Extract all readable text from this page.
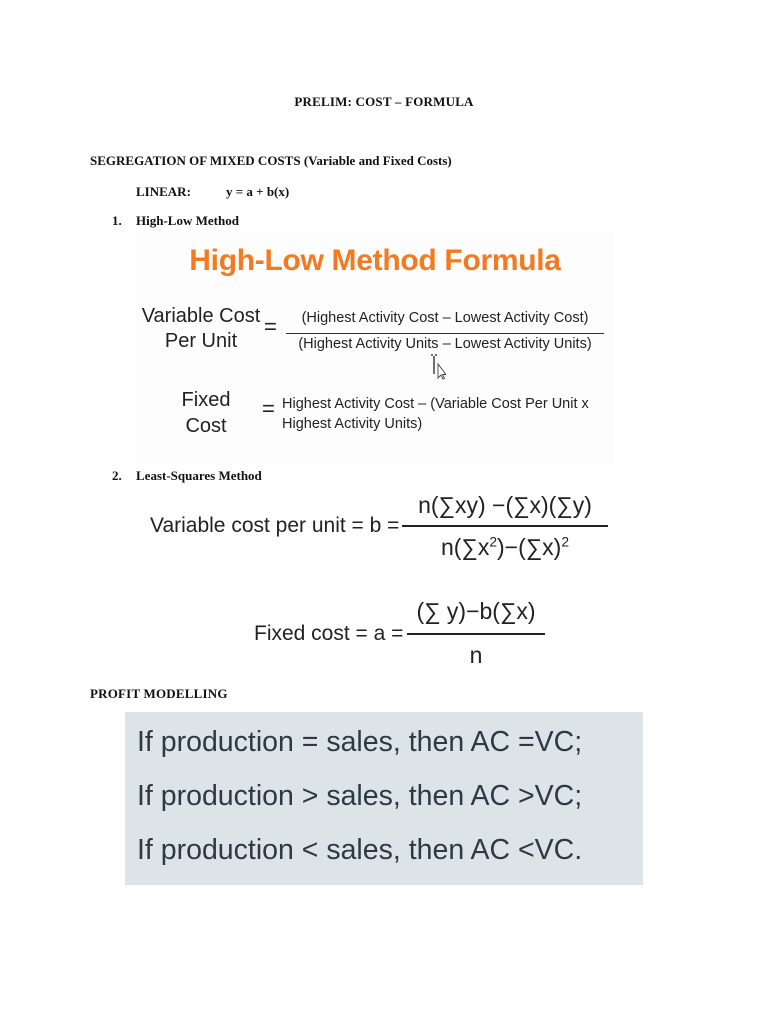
PRELIM: COST – FORMULA
SEGREGATION OF MIXED COSTS (Variable and Fixed Costs)
LINEAR:	y = a + b(x)
1. High-Low Method
High-Low Method Formula
Variable Cost
Per Unit
=	(Highest Activity Cost – Lowest Activity Cost)
(Highest Activity Units – Lowest Activity Units)
Fixed
Cost
= Highest Activity Cost – (Variable Cost Per Unit x
Highest Activity Units)
2. Least-Squares Method
Variable cost per unit = b =
n(∑xy) −(∑x)(∑y)
$n(\sum x^2)-(\sum x)^2$
Fixed cost = a =
(∑ y)−b(∑x)
n
PROFIT MODELLING
If production = sales, then AC =VC;
If production > sales, then AC >VC;
If production < sales, then AC <VC.
